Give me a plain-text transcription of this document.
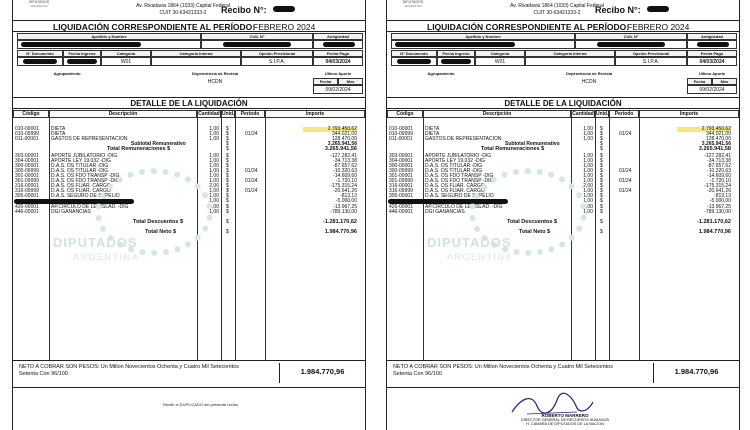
DIPUTADOS
ARGENTINA	Av. Rivadavia 1864 (1033) Capital Federal
CUIT 30-63421333-2	Recibo N°:
LIQUIDACIÓN CORRESPONDIENTE AL PERÍODO:
FEBRERO 2024
Apellido y Nombre	CUIL N°	Antigüedad
N° Documento	Fecha Ingreso	Categoría	Categoría Interna	Opción Previsional	Fecha Pago
W01	S.I.P.A.	04/03/2024
Agrupamiento	Dependencia de Revista	Último Aporte
HCDN	Fecha	Mes
09/02/2024
DETALLE DE LA LIQUIDACIÓN
Código	Descripción	Cantidad Unid.	Período	Importe
010-00001 DIETA	1,00 $	2.793.450,62
010-09999 DIETA	1,00 $	01/24	344.021,00
011-00001 GASTOS DE REPRESENTACION	1,00 $	128.470,00
Subtotal Remunerativo	$	3.265.941,56
Total Remuneraciones $	$	3.265.941,56
303-00001 APORTE JUBILATORIO -DIG	1,00 $	-127.282,41
304-00001 APORTE LEY 19.032 -DIG	1,00 $	-34.713,38
300-00001 D.A.S. OS TITULAR -DIG	1,00 $	-87.657,62
300-09999 D.A.S. OS TITULAR -DIG	1,00 $	01/24	-10.320,63
301-00001 D.A.S. OS FDO TRANSP -DIG	1,00 $	-14.609,60
301-09999 D.A.S. OS FDO TRANSP -DIG	1,00 $	01/24	-1.720,10
316-00001 D.A.S. OS FLIAR. CARGO	2,00 $	-175.315,24
316-09999 D.A.S. OS FLIAR. CARGO	1,00 $	01/24	-20.641,26
305-00001 D.A.S. SEGURO DE SEPELIO	1,00 $	-813,13
1,00 $	-5.000,00
426-00001 AP.CIRCULO DE LEGISLAD. -DIG	1,00 $	-13.967,25
446-00001 DGI GANANCIAS	1,00 $	-789.130,00
Total Descuentos $	$	-1.281.170,62
Total Neto $	$	1.984.770,96
DIPUTADOS
ARGENTINA
NETO A COBRAR SON PESOS: Un Millon Novecientos Ochenta y Cuatro Mil Setecientos Setenta Con 96/100	1.984.770,96
Recibí el DUPLICADO del presente recibo
DIPUTADOS
ARGENTINA	Av. Rivadavia 1864 (1033) Capital Federal
CUIT 30-63421333-2	Recibo N°:
LIQUIDACIÓN CORRESPONDIENTE AL PERÍODO:
FEBRERO 2024
Apellido y Nombre	CUIL N°	Antigüedad
N° Documento	Fecha Ingreso	Categoría	Categoría Interna	Opción Previsional	Fecha Pago
W01	S.I.P.A.	04/03/2024
Agrupamiento	Dependencia de Revista	Último Aporte
HCDN	Fecha	Mes
09/02/2024
DETALLE DE LA LIQUIDACIÓN
Código	Descripción	Cantidad Unid.	Período	Importe
010-00001 DIETA	1,00 $	2.793.450,62
010-09999 DIETA	1,00 $	01/24	344.021,00
011-00001 GASTOS DE REPRESENTACION	1,00 $	128.470,00
Subtotal Remunerativo	$	3.265.941,56
Total Remuneraciones $	$	3.265.941,58
303-00001 APORTE JUBILATORIO -DIG	1,00 $	-127.282,41
304-00001 APORTE LEY 19.032 -DIG	1,00 $	-34.713,38
300-00001 D.A.S. OS TITULAR -DIG	1,00 $	-87.657,62
300-09999 D.A.S. OS TITULAR -DIG	1,00 $	01/24	-10.320,63
301-00001 D.A.S. OS FDO TRANSP -DIG	1,00 $	-14.609,60
301-09999 D.A.S. OS FDO TRANSP -DIG	1,00 $	01/24	-1.720,10
316-00001 D.A.S. OS FLIAR. CARGO	2,00 $	-175.315,24
316-09999 D.A.S. OS FLIAR. CARGO	1,00 $	01/24	-20.641,26
305-00001 D.A.S. SEGURO DE SEPELIO	1,00 $	-813,13
1,00 $	-5.000,00
426-00001 AP.CIRCULO DE LEGISLAD. -DIG	1,00 $	-13.967,25
446-00001 DGI GANANCIAS	1,00 $	-789.130,00
Total Descuentos $	$	-1.281.170,62
Total Neto $	$	1.984.770,96
DIPUTADOS
ARGENTINA
NETO A COBRAR SON PESOS: Un Millon Novecientos Ochenta y Cuatro Mil Setecientos Setenta Con 96/100	1.984.770,96
ROBERTO MARRERO
DIRECTOR GENERAL DE RECURSOS HUMANOS
H. CAMARA DE DIPUTADOS DE LA NACION
